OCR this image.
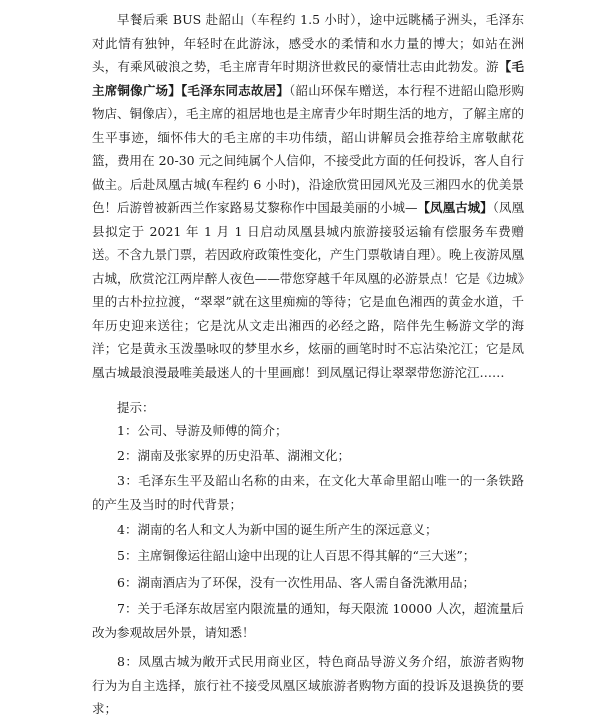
早餐后乘 BUS 赴韶山（车程约 1.5 小时），途中远眺橘子洲头，毛泽东对此情有独钟，年轻时在此游泳，感受水的柔情和水力量的博大；如站在洲头，有乘风破浪之势，毛主席青年时期济世救民的豪情壮志由此勃发。游【毛主席铜像广场】【毛泽东同志故居】（韶山环保车赠送，本行程不进韶山隐形购物店、铜像店），毛主席的祖居地也是主席青少年时期生活的地方，了解主席的生平事迹，缅怀伟大的毛主席的丰功伟绩，韶山讲解员会推荐给主席敬献花篮，费用在 20-30 元之间纯属个人信仰，不接受此方面的任何投诉，客人自行做主。后赴凤凰古城(车程约 6 小时)，沿途欣赏田园风光及三湘四水的优美景色！ 后游曾被新西兰作家路易艾黎称作中国最美丽的小城—【凤凰古城】（凤凰县拟定于 2021 年 1 月 1 日启动凤凰县城内旅游接驳运输有偿服务车费赠送。不含九景门票，若因政府政策性变化，产生门票敬请自理）。晚上夜游凤凰古城，欣赏沱江两岸醉人夜色——带您穿越千年凤凰的必游景点！它是《边城》里的古朴拉拉渡，“翠翠”就在这里痴痴的等待；它是血色湘西的黄金水道，千年历史迎来送往；它是沈从文走出湘西的必经之路，陪伴先生畅游文学的海洋；它是黄永玉泼墨咏叹的梦里水乡，炫丽的画笔时时不忘沾染沱江；它是凤凰古城最浪漫最唯美最迷人的十里画廊！到凤凰记得让翠翠带您游沱江……

提示：

1：公司、导游及师傅的简介；

2：湖南及张家界的历史沿革、湖湘文化；

3：毛泽东生平及韶山名称的由来，在文化大革命里韶山唯一的一条铁路的产生及当时的时代背景；

4：湖南的名人和文人为新中国的诞生所产生的深远意义；

5：主席铜像运往韶山途中出现的让人百思不得其解的“三大迷”；

6：湖南酒店为了环保，没有一次性用品、客人需自备洗漱用品；

7：关于毛泽东故居室内限流量的通知，每天限流 10000 人次，超流量后改为参观故居外景，请知悉！

8：凤凰古城为敞开式民用商业区，特色商品导游义务介绍，旅游者购物行为为自主选择，旅行社不接受凤凰区域旅游者购物方面的投诉及退换货的要求；
